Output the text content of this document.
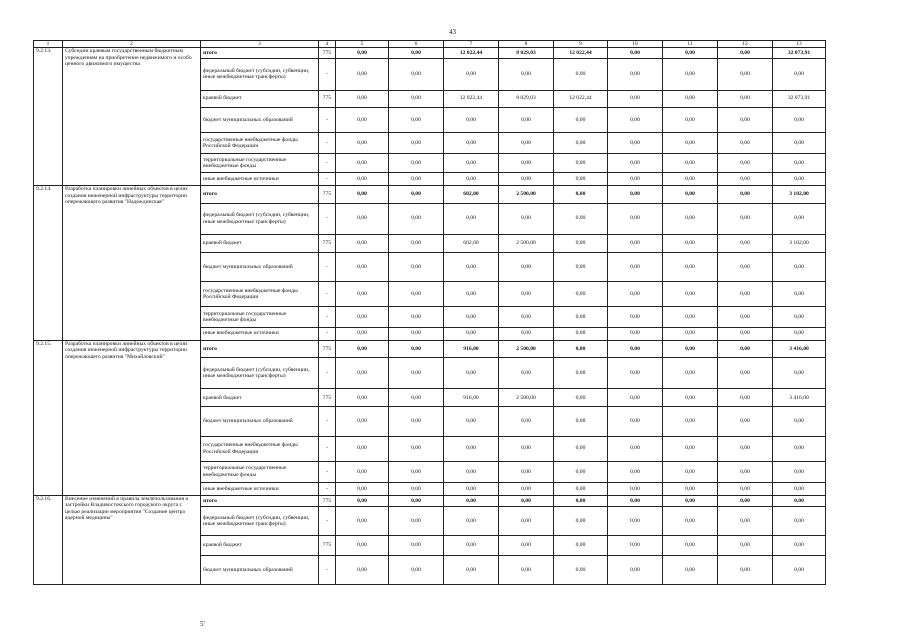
43
1	2	3	4	5	6	7	8	9	10	11	12	13
9.2.13.	Субсидии краевым государственным бюджетным учреждениям на приобретение недвижимого и особо ценного движимого имущества	итого	775	0,00	0,00	12 022,44	8 029,03	12 022,44	0,00	0,00	0,00	32 073,91
		федеральный бюджет (субсидии, субвенции, иные межбюджетные трансферты)	-	0,00	0,00	0,00	0,00	0,00	0,00	0,00	0,00	0,00
		краевой бюджет	775	0,00	0,00	12 022,44	8 029,03	12 022,44	0,00	0,00	0,00	32 073,91
		бюджет муниципальных образований	-	0,00	0,00	0,00	0,00	0,00	0,00	0,00	0,00	0,00
		государственные внебюджетные фонды Российской Федерации	-	0,00	0,00	0,00	0,00	0,00	0,00	0,00	0,00	0,00
		территориальные государственные внебюджетные фонды	-	0,00	0,00	0,00	0,00	0,00	0,00	0,00	0,00	0,00
		иные внебюджетные источники	-	0,00	0,00	0,00	0,00	0,00	0,00	0,00	0,00	0,00
9.2.14.	Разработка планировки линейных объектов в целях создания инженерной инфраструктуры территории опережающего развития "Надеждинская"	итого	775	0,00	0,00	602,00	2 500,00	0,00	0,00	0,00	0,00	3 102,00
		федеральный бюджет (субсидии, субвенции, иные межбюджетные трансферты)	-	0,00	0,00	0,00	0,00	0,00	0,00	0,00	0,00	0,00
		краевой бюджет	775	0,00	0,00	602,00	2 500,00	0,00	0,00	0,00	0,00	3 102,00
		бюджет муниципальных образований	-	0,00	0,00	0,00	0,00	0,00	0,00	0,00	0,00	0,00
		государственные внебюджетные фонды Российской Федерации	-	0,00	0,00	0,00	0,00	0,00	0,00	0,00	0,00	0,00
		территориальные государственные внебюджетные фонды	-	0,00	0,00	0,00	0,00	0,00	0,00	0,00	0,00	0,00
		иные внебюджетные источники	-	0,00	0,00	0,00	0,00	0,00	0,00	0,00	0,00	0,00
9.2.15.	Разработка планировки линейных объектов в целях создания инженерной инфраструктуры территории опережающего развития "Михайловский"	итого	775	0,00	0,00	916,00	2 500,00	0,00	0,00	0,00	0,00	3 416,00
		федеральный бюджет (субсидии, субвенции, иные межбюджетные трансферты)	-	0,00	0,00	0,00	0,00	0,00	0,00	0,00	0,00	0,00
		краевой бюджет	775	0,00	0,00	916,00	2 500,00	0,00	0,00	0,00	0,00	3 416,00
		бюджет муниципальных образований	-	0,00	0,00	0,00	0,00	0,00	0,00	0,00	0,00	0,00
		государственные внебюджетные фонды Российской Федерации	-	0,00	0,00	0,00	0,00	0,00	0,00	0,00	0,00	0,00
		территориальные государственные внебюджетные фонды	-	0,00	0,00	0,00	0,00	0,00	0,00	0,00	0,00	0,00
		иные внебюджетные источники	-	0,00	0,00	0,00	0,00	0,00	0,00	0,00	0,00	0,00
9.2.16.	Внесение изменений в правила землепользования и застройки Владивостокского городского округа с целью реализации мероприятия "Создание центра ядерной медицины"	итого	775	0,00	0,00	0,00	0,00	0,00	0,00	0,00	0,00	0,00
		федеральный бюджет (субсидии, субвенции, иные межбюджетные трансферты)	-	0,00	0,00	0,00	0,00	0,00	0,00	0,00	0,00	0,00
		краевой бюджет	775	0,00	0,00	0,00	0,00	0,00	0,00	0,00	0,00	0,00
		бюджет муниципальных образований	-	0,00	0,00	0,00	0,00	0,00	0,00	0,00	0,00	0,00
5'
